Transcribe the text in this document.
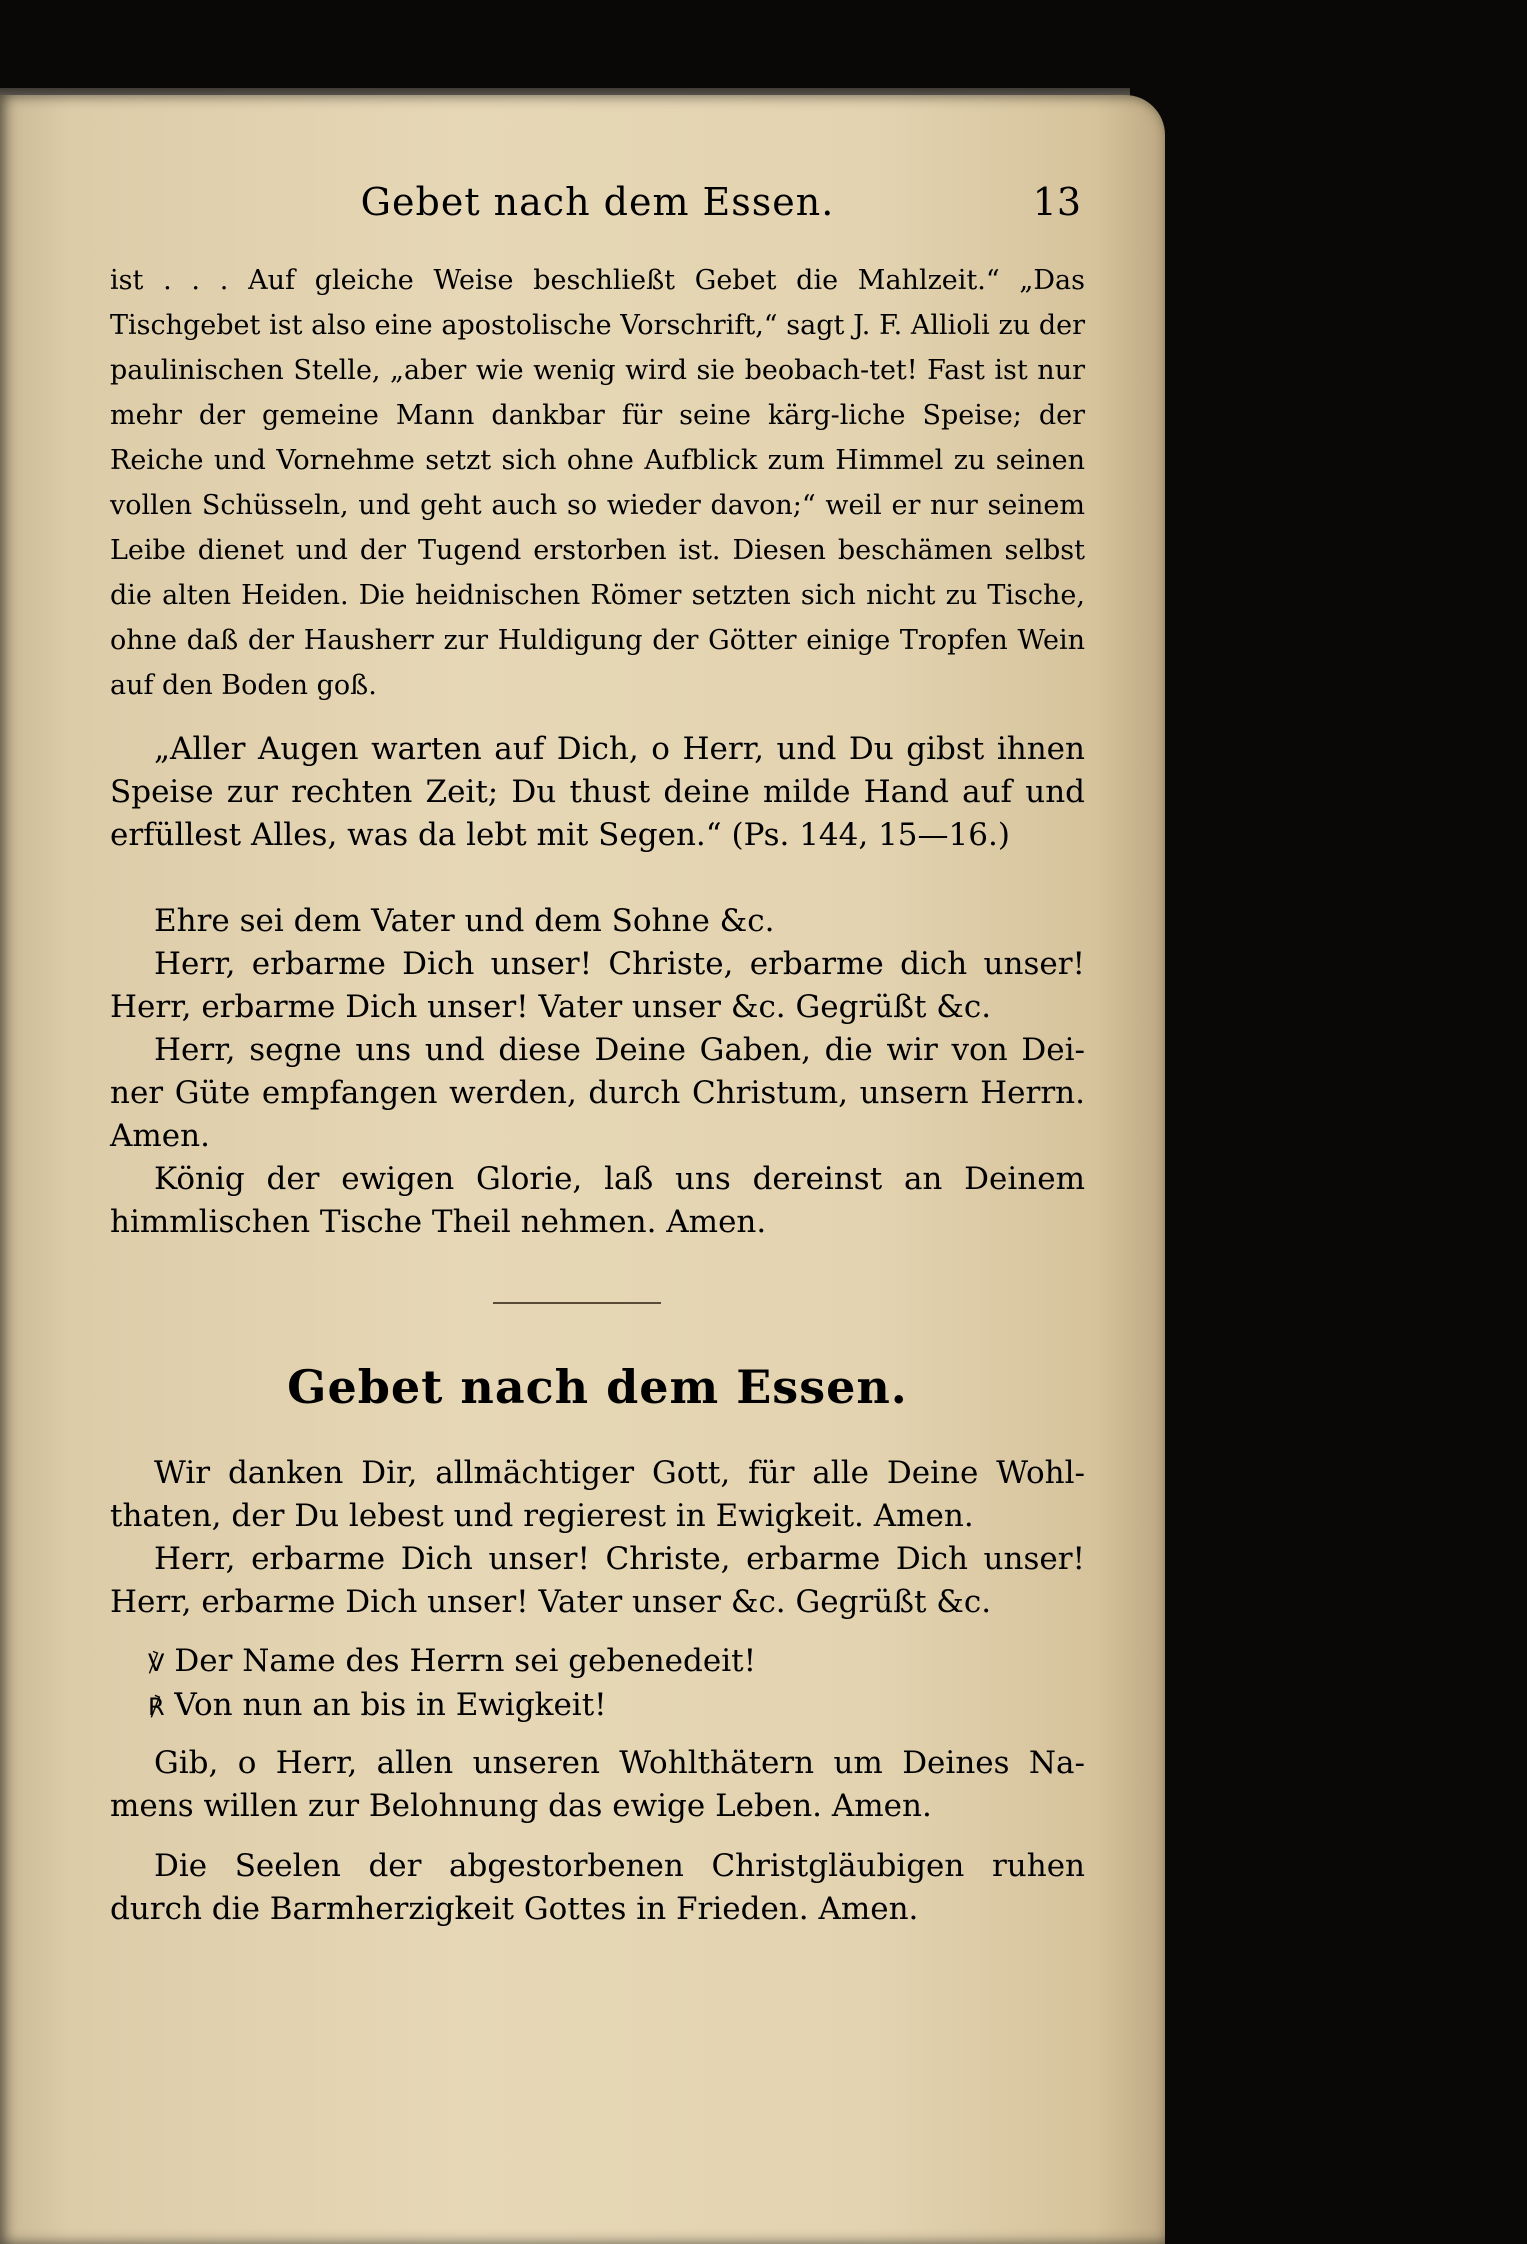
Gebet nach dem Essen.	13
ist . . . Auf gleiche Weise beschließt Gebet die Mahlzeit.“ „Das Tischgebet ist also eine apostolische Vorschrift,“ sagt J. F. Allioli zu der paulinischen Stelle, „aber wie wenig wird sie beobach-tet! Fast ist nur mehr der gemeine Mann dankbar für seine kärg-liche Speise; der Reiche und Vornehme setzt sich ohne Aufblick zum Himmel zu seinen vollen Schüsseln, und geht auch so wieder davon;“ weil er nur seinem Leibe dienet und der Tugend erstorben ist. Diesen beschämen selbst die alten Heiden. Die heidnischen Römer setzten sich nicht zu Tische, ohne daß der Hausherr zur Huldigung der Götter einige Tropfen Wein auf den Boden goß.
„Aller Augen warten auf Dich, o Herr, und Du gibst ihnen Speise zur rechten Zeit; Du thust deine milde Hand auf und erfüllest Alles, was da lebt mit Segen.“ (Ps. 144, 15—16.)
Ehre sei dem Vater und dem Sohne &c.
Herr, erbarme Dich unser! Christe, erbarme dich unser! Herr, erbarme Dich unser! Vater unser &c. Gegrüßt &c.
Herr, segne uns und diese Deine Gaben, die wir von Dei-ner Güte empfangen werden, durch Christum, unsern Herrn. Amen.
König der ewigen Glorie, laß uns dereinst an Deinem himmlischen Tische Theil nehmen. Amen.
Gebet nach dem Essen.
Wir danken Dir, allmächtiger Gott, für alle Deine Wohl-thaten, der Du lebest und regierest in Ewigkeit. Amen.
Herr, erbarme Dich unser! Christe, erbarme Dich unser! Herr, erbarme Dich unser! Vater unser &c. Gegrüßt &c.
℣ Der Name des Herrn sei gebenedeit!
℟ Von nun an bis in Ewigkeit!
Gib, o Herr, allen unseren Wohlthätern um Deines Na-mens willen zur Belohnung das ewige Leben. Amen.
Die Seelen der abgestorbenen Christgläubigen ruhen durch die Barmherzigkeit Gottes in Frieden. Amen.
